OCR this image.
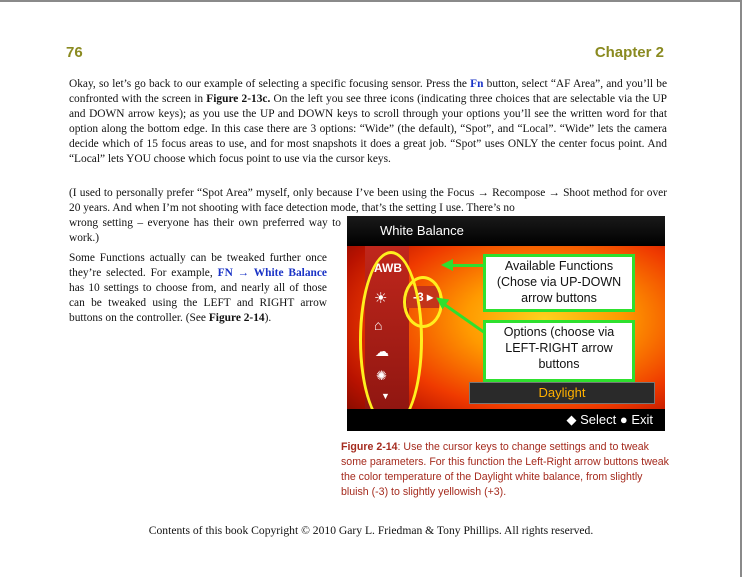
76	Chapter 2

Okay, so let’s go back to our example of selecting a specific focusing sensor. Press the Fn button, select “AF Area”, and you’ll be confronted with the screen in Figure 2-13c. On the left you see three icons (indicating three choices that are selectable via the UP and DOWN arrow keys); as you use the UP and DOWN keys to scroll through your options you’ll see the written word for that option along the bottom edge. In this case there are 3 options: “Wide” (the default), “Spot”, and “Local”. “Wide” lets the camera decide which of 15 focus areas to use, and for most snapshots it does a great job. “Spot” uses ONLY the center focus point. And “Local” lets YOU choose which focus point to use via the cursor keys.

(I used to personally prefer “Spot Area” myself, only because I’ve been using the Focus → Recompose → Shoot method for over 20 years. And when I’m not shooting with face detection mode, that’s the setting I use. There’s no

wrong setting – everyone has their own preferred way to work.)

Some Functions actually can be tweaked further once they’re selected. For example, FN → White Balance has 10 settings to choose from, and nearly all of those can be tweaked using the LEFT and RIGHT arrow buttons on the controller. (See Figure 2-14).

White Balance
AWB
☀
⌂
☁
✺
▼
-3 ▸
Available Functions (Chose via UP-DOWN arrow buttons
Options (choose via LEFT-RIGHT arrow buttons
Daylight
◆ Select ● Exit
Figure 2-14: Use the cursor keys to change settings and to tweak some parameters. For this function the Left-Right arrow buttons tweak the color temperature of the Daylight white balance, from slightly bluish (-3) to slightly yellowish (+3).
Contents of this book Copyright © 2010 Gary L. Friedman & Tony Phillips. All rights reserved.
